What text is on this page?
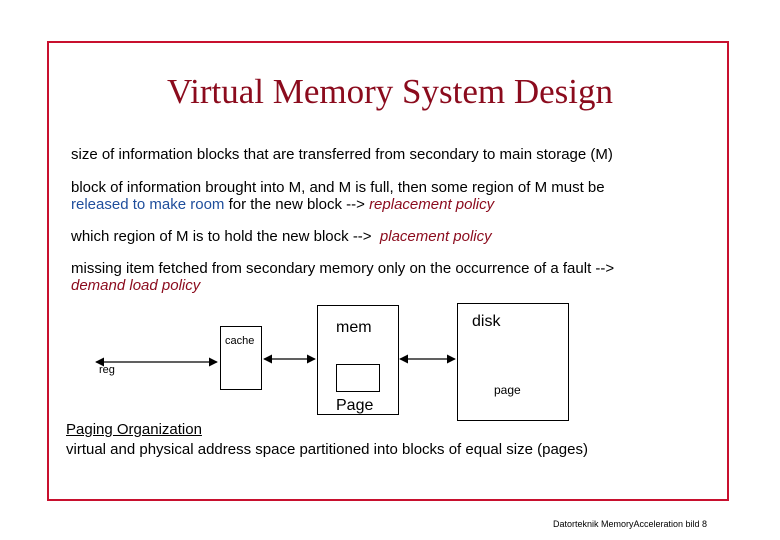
Virtual Memory System Design
size of information blocks that are transferred from secondary to main storage (M)
block of information brought into M, and M is full, then some region of M must be
released to make room for the new block --> replacement policy
which region of M is to hold the new block -->  placement policy
missing item fetched from secondary memory only on the occurrence of a fault -->
demand load policy
cache
reg
mem
Page
disk
page
Paging Organization
virtual and physical address space partitioned into blocks of equal size (pages)
Datorteknik MemoryAcceleration bild 8
